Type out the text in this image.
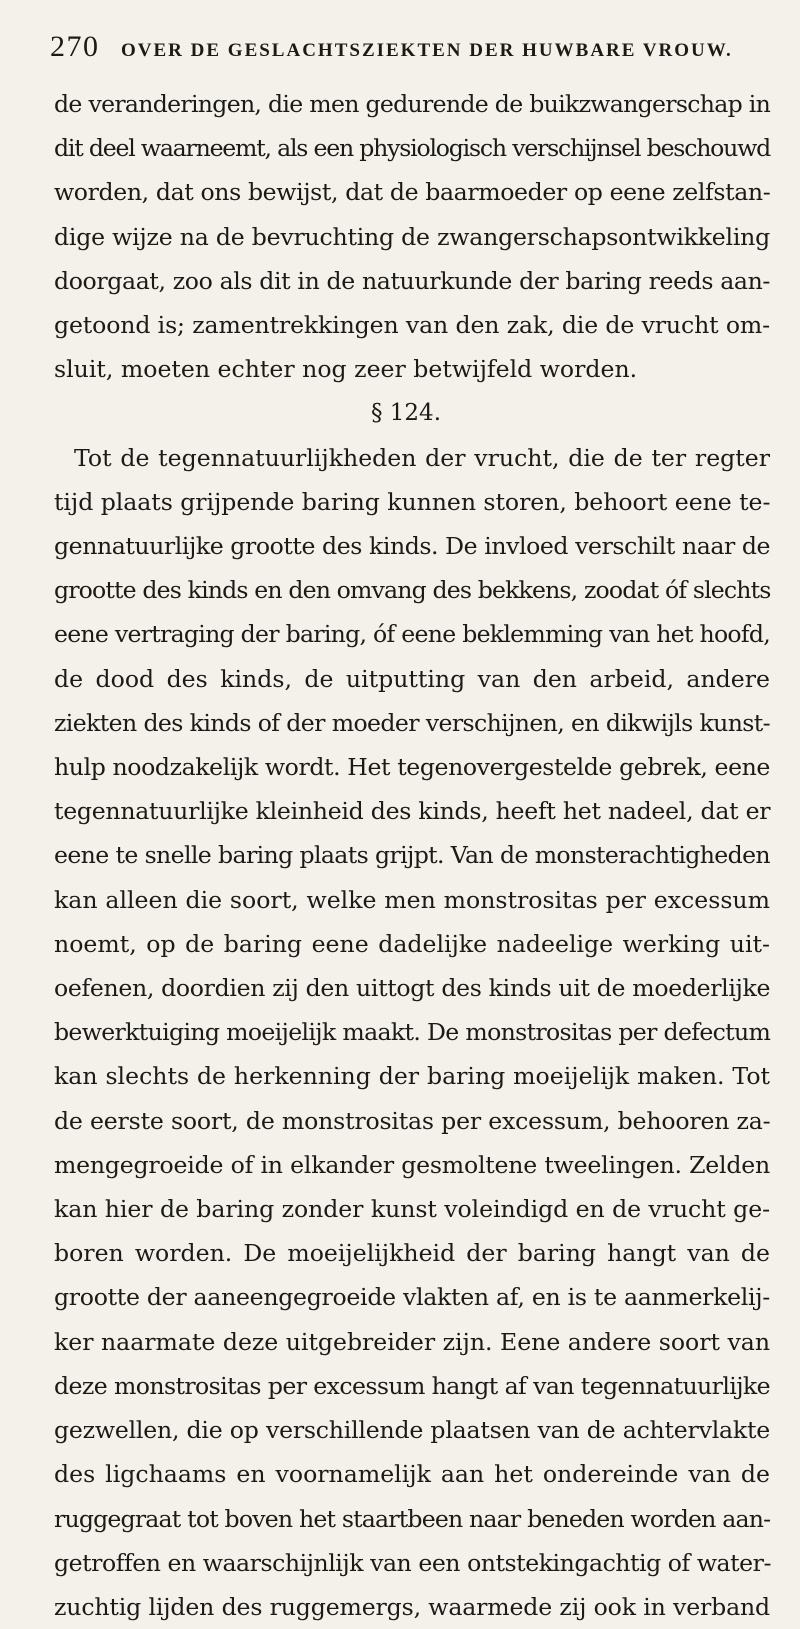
270 OVER DE GESLACHTSZIEKTEN DER HUWBARE VROUW.
de veranderingen, die men gedurende de buikzwangerschap in
dit deel waarneemt, als een physiologisch verschijnsel beschouwd
worden, dat ons bewijst, dat de baarmoeder op eene zelfstan-
dige wijze na de bevruchting de zwangerschapsontwikkeling
doorgaat, zoo als dit in de natuurkunde der baring reeds aan-
getoond is; zamentrekkingen van den zak, die de vrucht om-
sluit, moeten echter nog zeer betwijfeld worden.
§ 124.
Tot de tegennatuurlijkheden der vrucht, die de ter regter
tijd plaats grijpende baring kunnen storen, behoort eene te-
gennatuurlijke grootte des kinds. De invloed verschilt naar de
grootte des kinds en den omvang des bekkens, zoodat óf slechts
eene vertraging der baring, óf eene beklemming van het hoofd,
de dood des kinds, de uitputting van den arbeid, andere
ziekten des kinds of der moeder verschijnen, en dikwijls kunst-
hulp noodzakelijk wordt. Het tegenovergestelde gebrek, eene
tegennatuurlijke kleinheid des kinds, heeft het nadeel, dat er
eene te snelle baring plaats grijpt. Van de monsterachtigheden
kan alleen die soort, welke men monstrositas per excessum
noemt, op de baring eene dadelijke nadeelige werking uit-
oefenen, doordien zij den uittogt des kinds uit de moederlijke
bewerktuiging moeijelijk maakt. De monstrositas per defectum
kan slechts de herkenning der baring moeijelijk maken. Tot
de eerste soort, de monstrositas per excessum, behooren za-
mengegroeide of in elkander gesmoltene tweelingen. Zelden
kan hier de baring zonder kunst voleindigd en de vrucht ge-
boren worden. De moeijelijkheid der baring hangt van de
grootte der aaneengegroeide vlakten af, en is te aanmerkelij-
ker naarmate deze uitgebreider zijn. Eene andere soort van
deze monstrositas per excessum hangt af van tegennatuurlijke
gezwellen, die op verschillende plaatsen van de achtervlakte
des ligchaams en voornamelijk aan het ondereinde van de
ruggegraat tot boven het staartbeen naar beneden worden aan-
getroffen en waarschijnlijk van een ontstekingachtig of water-
zuchtig lijden des ruggemergs, waarmede zij ook in verband
